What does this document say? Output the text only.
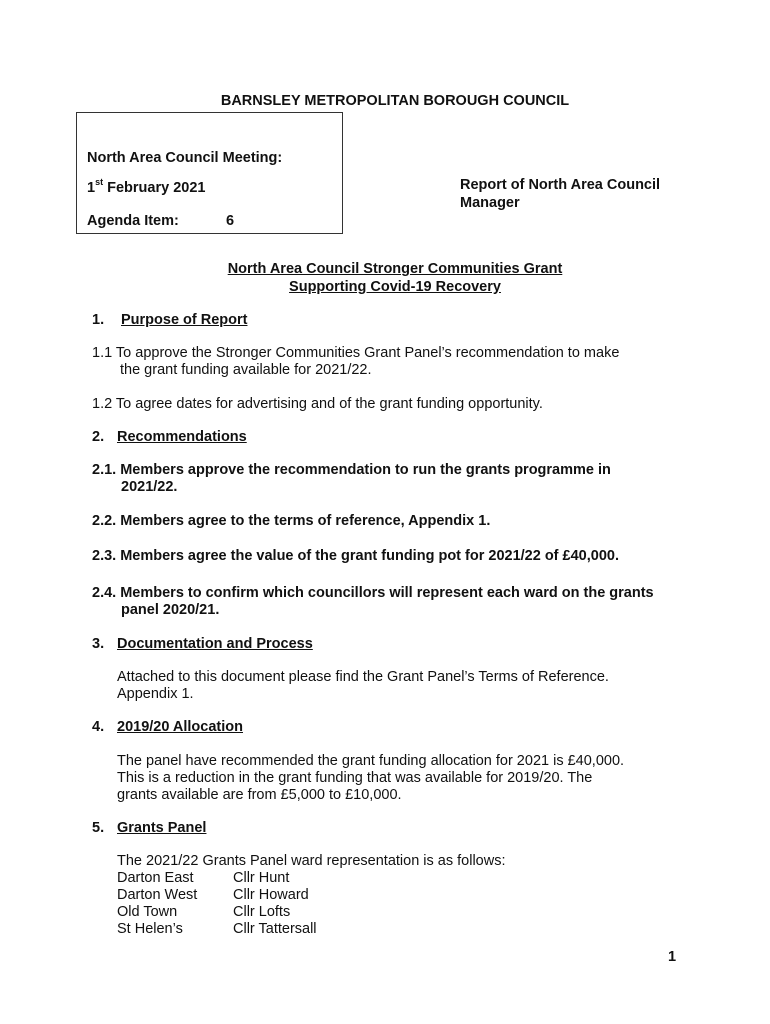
BARNSLEY METROPOLITAN BOROUGH COUNCIL
North Area Council Meeting:
1st February 2021
Agenda Item:	6
Report of North Area Council
Manager
North Area Council Stronger Communities Grant
Supporting Covid-19 Recovery
1. Purpose of Report
1.1 To approve the Stronger Communities Grant Panel’s recommendation to make
the grant funding available for 2021/22.
1.2 To agree dates for advertising and of the grant funding opportunity.
2. Recommendations
2.1. Members approve the recommendation to run the grants programme in
2021/22.
2.2. Members agree to the terms of reference, Appendix 1.
2.3. Members agree the value of the grant funding pot for 2021/22 of £40,000.
2.4. Members to confirm which councillors will represent each ward on the grants
panel 2020/21.
3. Documentation and Process
Attached to this document please find the Grant Panel’s Terms of Reference.
Appendix 1.
4. 2019/20 Allocation
The panel have recommended the grant funding allocation for 2021 is £40,000.
This is a reduction in the grant funding that was available for 2019/20. The
grants available are from £5,000 to £10,000.
5. Grants Panel
The 2021/22 Grants Panel ward representation is as follows:
Darton East	Cllr Hunt
Darton West Cllr Howard
Old Town	Cllr Lofts
St Helen’s	Cllr Tattersall
1
